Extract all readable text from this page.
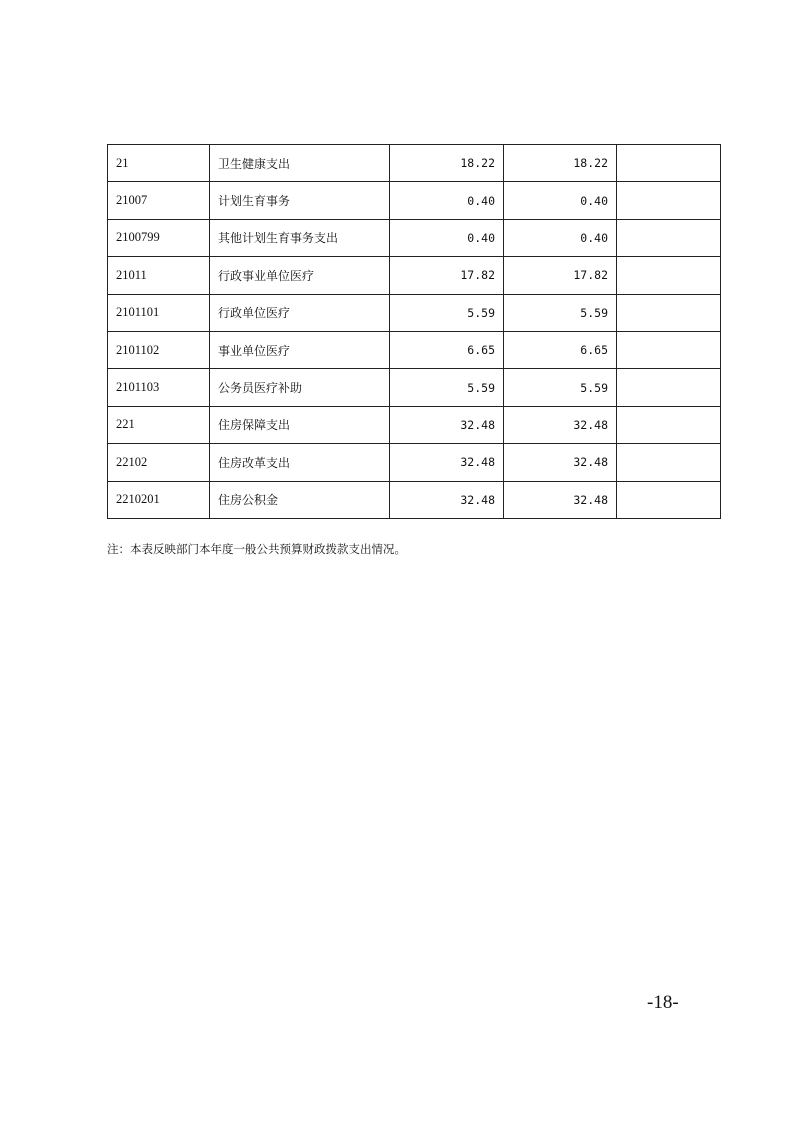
21	卫生健康支出	18.22	18.22	
21007	计划生育事务	0.40	0.40	
2100799	其他计划生育事务支出	0.40	0.40	
21011	行政事业单位医疗	17.82	17.82	
2101101	行政单位医疗	5.59	5.59	
2101102	事业单位医疗	6.65	6.65	
2101103	公务员医疗补助	5.59	5.59	
221	住房保障支出	32.48	32.48	
22102	住房改革支出	32.48	32.48	
2210201	住房公积金	32.48	32.48	
注：本表反映部门本年度一般公共预算财政拨款支出情况。
-18-
